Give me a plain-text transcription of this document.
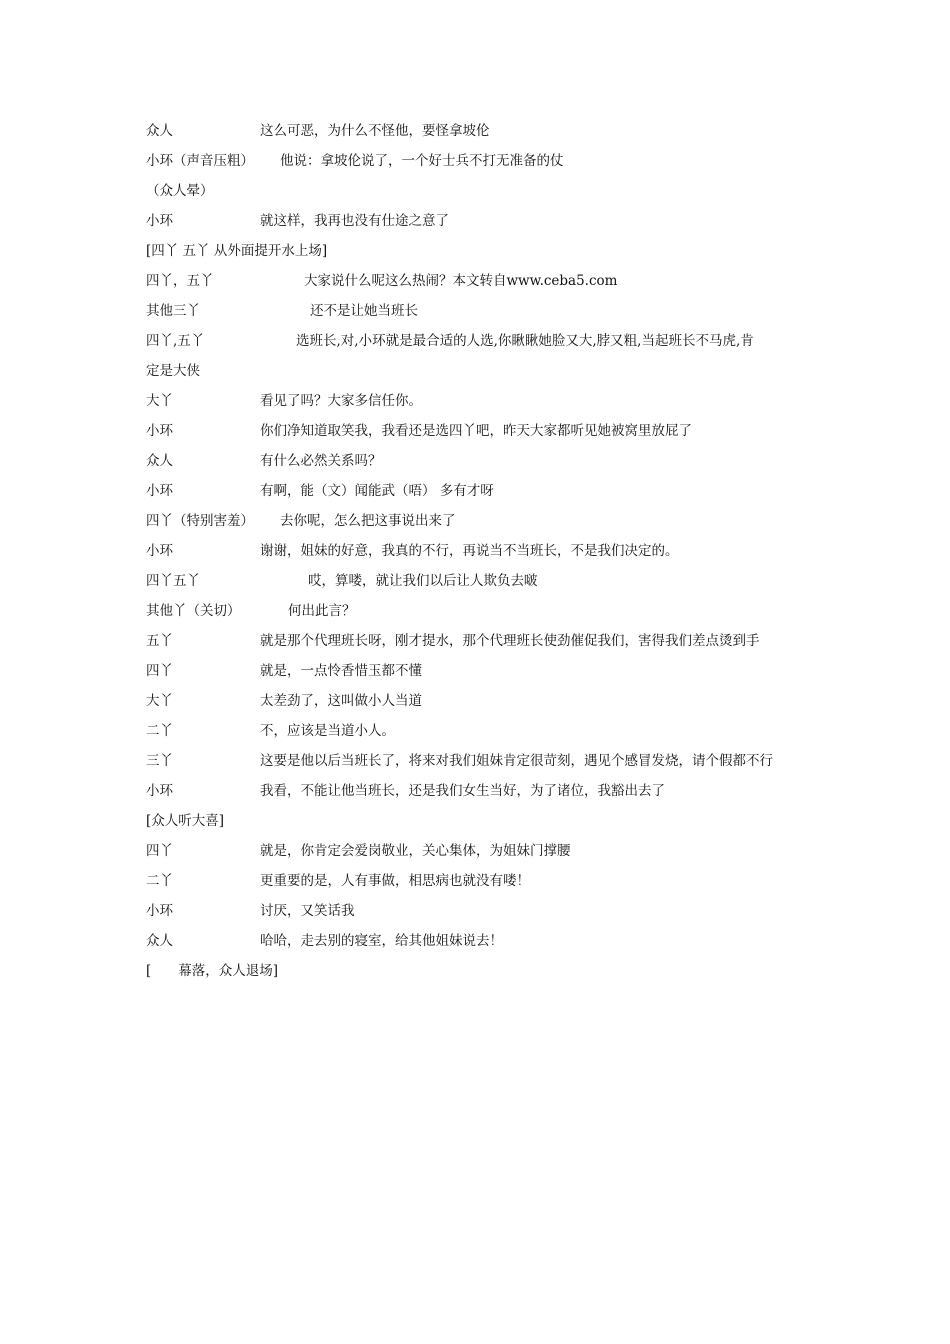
众人	这么可恶，为什么不怪他，要怪拿坡伦
小环（声音压粗）	他说：拿坡伦说了，一个好士兵不打无准备的仗
（众人晕）
小环	就这样，我再也没有仕途之意了
[四丫 五丫 从外面提开水上场]
四丫，五丫	大家说什么呢这么热闹？本文转自www.ceba5.com
其他三丫	还不是让她当班长
四丫,五丫	选班长,对,小环就是最合适的人选,你瞅瞅她脸又大,脖又粗,当起班长不马虎,肯
定是大侠
大丫	看见了吗？大家多信任你。
小环	你们净知道取笑我，我看还是选四丫吧，昨天大家都听见她被窝里放屁了
众人	有什么必然关系吗？
小环	有啊，能（文）闻能武（唔） 多有才呀
四丫（特别害羞）	去你呢，怎么把这事说出来了
小环	谢谢，姐妹的好意，我真的不行，再说当不当班长，不是我们决定的。
四丫五丫	哎，算喽，就让我们以后让人欺负去啵
其他丫（关切）	何出此言？
五丫	就是那个代理班长呀，刚才提水，那个代理班长使劲催促我们，害得我们差点烫到手
四丫	就是，一点怜香惜玉都不懂
大丫	太差劲了，这叫做小人当道
二丫	不，应该是当道小人。
三丫	这要是他以后当班长了，将来对我们姐妹肯定很苛刻，遇见个感冒发烧，请个假都不行
小环	我看，不能让他当班长，还是我们女生当好，为了诸位，我豁出去了
[众人听大喜]
四丫	就是，你肯定会爱岗敬业，关心集体，为姐妹门撑腰
二丫	更重要的是，人有事做，相思病也就没有喽！
小环	讨厌，又笑话我
众人	哈哈，走去别的寝室，给其他姐妹说去！
[　　幕落，众人退场]
